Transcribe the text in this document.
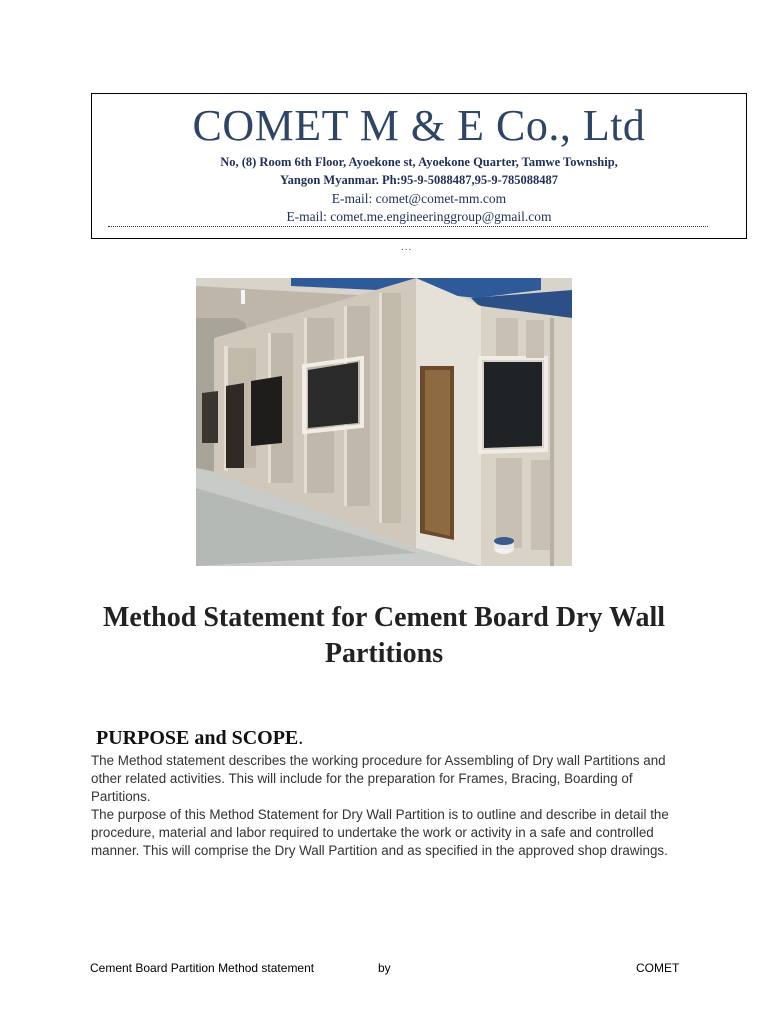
COMET M & E Co., Ltd
No, (8) Room 6th Floor, Ayoekone st, Ayoekone Quarter, Tamwe Township,
Yangon Myanmar. Ph:95-9-5088487,95-9-785088487
E-mail: comet@comet-mm.com
E-mail: comet.me.engineeringgroup@gmail.com
...
Method Statement for Cement Board Dry Wall Partitions
PURPOSE and SCOPE.

The Method statement describes the working procedure for Assembling of Dry wall Partitions and other related activities. This will include for the preparation for Frames, Bracing, Boarding of Partitions.

The purpose of this Method Statement for Dry Wall Partition is to outline and describe in detail the procedure, material and labor required to undertake the work or activity in a safe and controlled manner. This will comprise the Dry Wall Partition and as specified in the approved shop drawings.

Cement Board Partition Method statement	by	COMET
